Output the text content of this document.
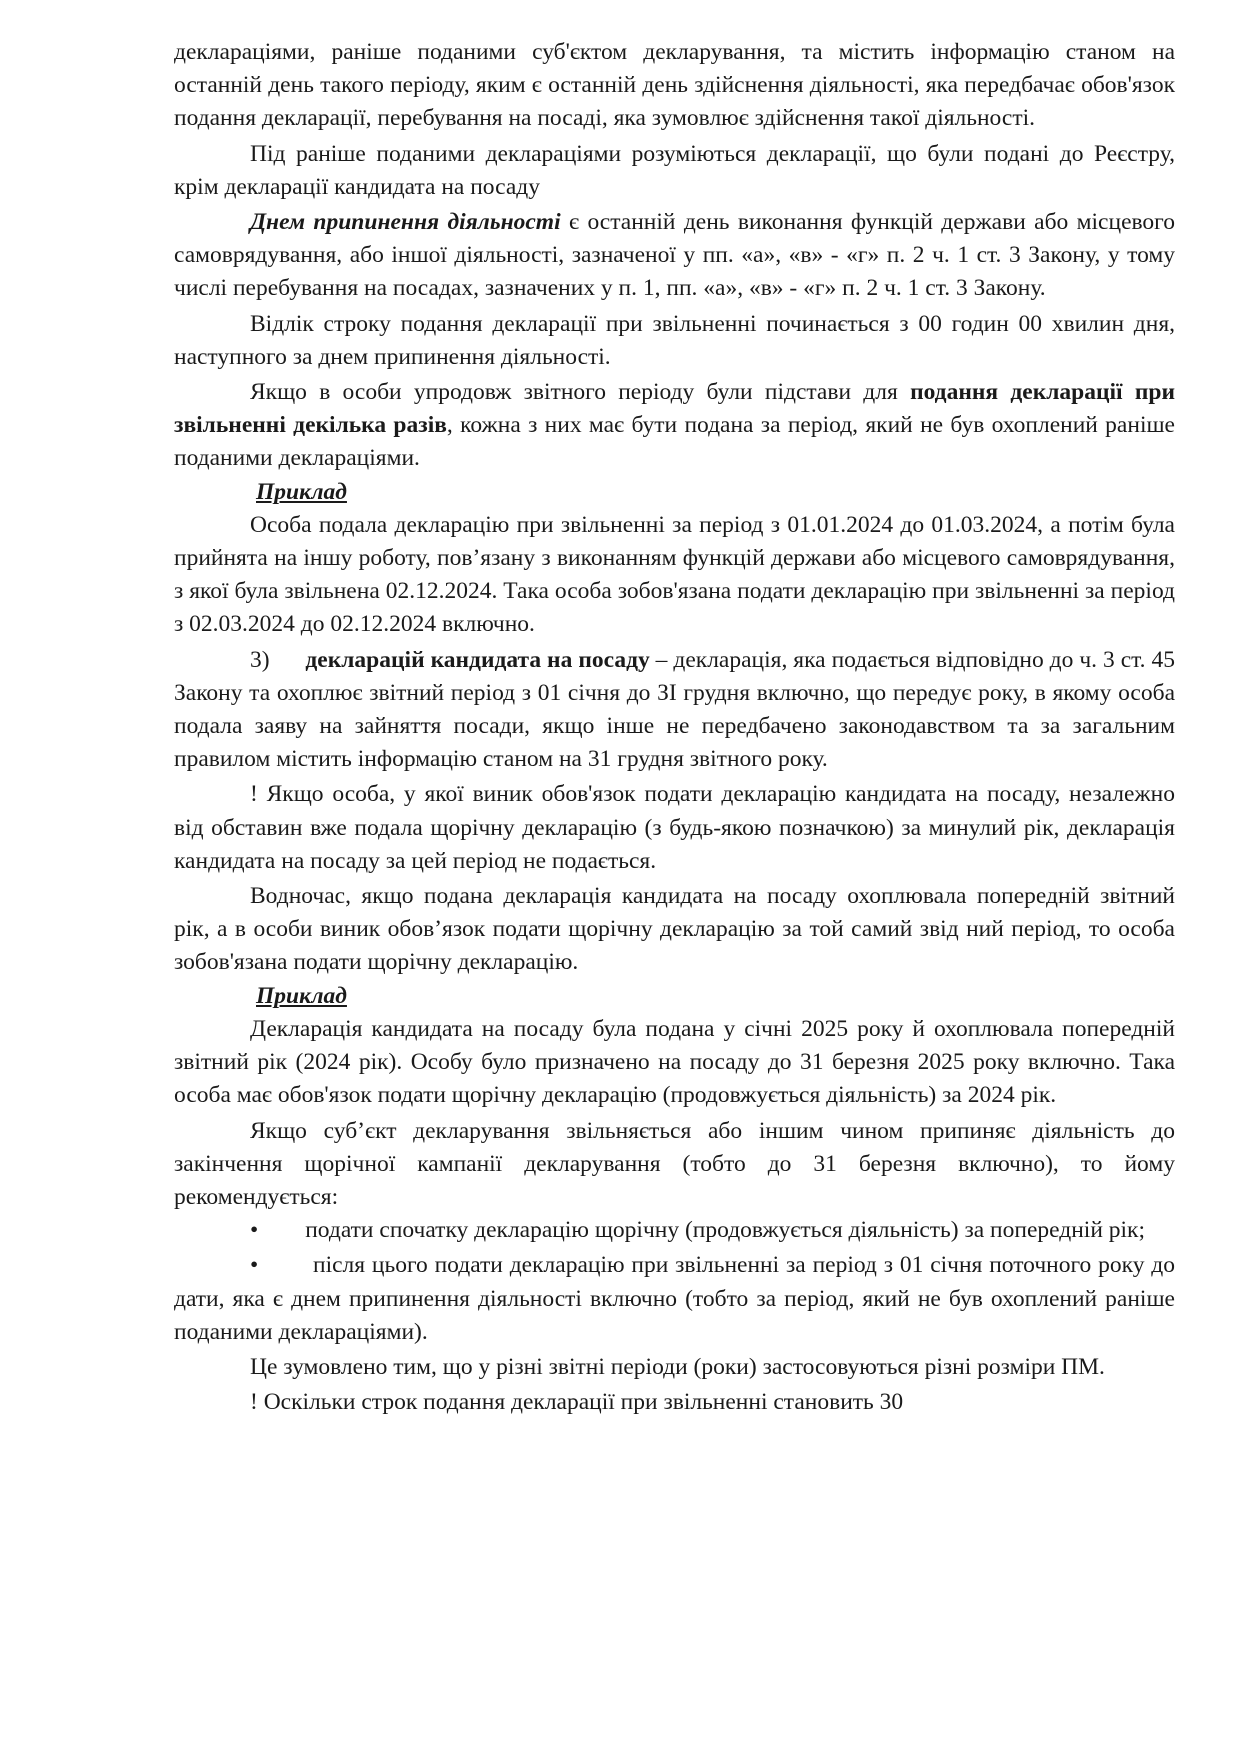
деклараціями, раніше поданими суб'єктом декларування, та містить інформацію станом на останній день такого періоду, яким є останній день здійснення діяльності, яка передбачає обов'язок подання декларації, перебування на посаді, яка зумовлює здійснення такої діяльності.

Під раніше поданими деклараціями розуміються декларації, що були подані до Реєстру, крім декларації кандидата на посаду

Днем припинення діяльності є останній день виконання функцій держави або місцевого самоврядування, або іншої діяльності, зазначеної у пп. «а», «в» - «г» п. 2 ч. 1 ст. 3 Закону, у тому числі перебування на посадах, зазначених у п. 1, пп. «а», «в» - «г» п. 2 ч. 1 ст. 3 Закону.

Відлік строку подання декларації при звільненні починається з 00 годин 00 хвилин дня, наступного за днем припинення діяльності.

Якщо в особи упродовж звітного періоду були підстави для подання декларації при звільненні декілька разів, кожна з них має бути подана за період, який не був охоплений раніше поданими деклараціями.

Приклад

Особа подала декларацію при звільненні за період з 01.01.2024 до 01.03.2024, а потім була прийнята на іншу роботу, пов’язану з виконанням функцій держави або місцевого самоврядування, з якої була звільнена 02.12.2024. Така особа зобов'язана подати декларацію при звільненні за період з 02.03.2024 до 02.12.2024 включно.

3) декларацій кандидата на посаду – декларація, яка подається відповідно до ч. 3 ст. 45 Закону та охоплює звітний період з 01 січня до ЗІ грудня включно, що передує року, в якому особа подала заяву на зайняття посади, якщо інше не передбачено законодавством та за загальним правилом містить інформацію станом на 31 грудня звітного року.

! Якщо особа, у якої виник обов'язок подати декларацію кандидата на посаду, незалежно від обставин вже подала щорічну декларацію (з будь-якою позначкою) за минулий рік, декларація кандидата на посаду за цей період не подається.

Водночас, якщо подана декларація кандидата на посаду охоплювала попередній звітний рік, а в особи виник обов’язок подати щорічну декларацію за той самий звід ний період, то особа зобов'язана подати щорічну декларацію.

Приклад

Декларація кандидата на посаду була подана у січні 2025 року й охоплювала попередній звітний рік (2024 рік). Особу було призначено на посаду до 31 березня 2025 року включно. Така особа має обов'язок подати щорічну декларацію (продовжується діяльність) за 2024 рік.

Якщо суб’єкт декларування звільняється або іншим чином припиняє діяльність до закінчення щорічної кампанії декларування (тобто до 31 березня включно), то йому рекомендується:

• подати спочатку декларацію щорічну (продовжується діяльність) за попередній рік;

• після цього подати декларацію при звільненні за період з 01 січня поточного року до дати, яка є днем припинення діяльності включно (тобто за період, який не був охоплений раніше поданими деклараціями).

Це зумовлено тим, що у різні звітні періоди (роки) застосовуються різні розміри ПМ.

! Оскільки строк подання декларації при звільненні становить 30
